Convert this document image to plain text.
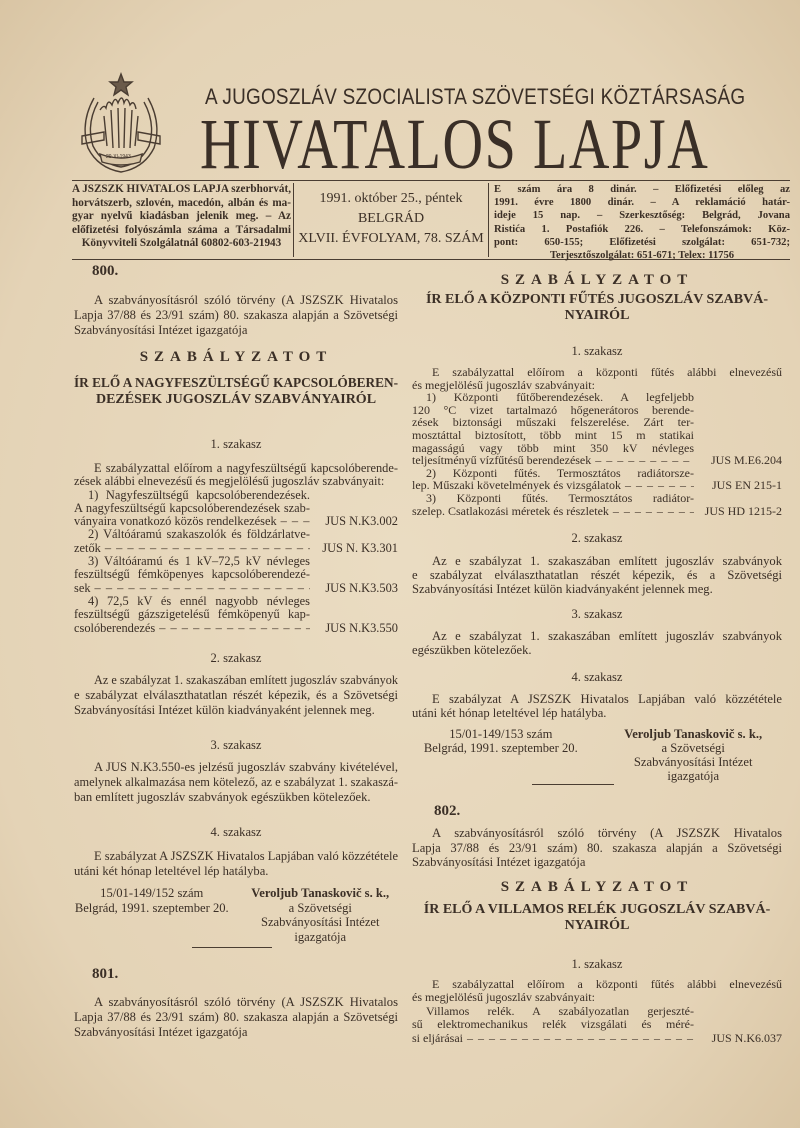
29-XI-1943
A JUGOSZLÁV SZOCIALISTA SZÖVETSÉGI KÖZTÁRSASÁG
HIVATALOS LAPJA
A JSZSZK HIVATALOS LAPJA szerbhorvát,
horvátszerb, szlovén, macedón, albán és ma-
gyar nyelvű kiadásban jelenik meg. – Az
előfizetési folyószámla száma a Társadalmi
Könyvviteli Szolgálatnál 60802-603-21943
1991. október 25., péntek
BELGRÁD
XLVII. ÉVFOLYAM, 78. SZÁM
E szám ára 8 dinár. – Előfizetési előleg az
1991. évre 1800 dinár. – A reklamáció határ-
ideje 15 nap. – Szerkesztőség: Belgrád, Jovana
Ristića 1. Postafiók 226. – Telefonszámok: Köz-
pont: 650-155; Előfizetési szolgálat: 651-732;
Terjesztőszolgálat: 651-671; Telex: 11756
800.
A szabványosításról szóló törvény (A JSZSZK Hivatalos
Lapja 37/88 és 23/91 szám) 80. szakasza alapján a Szövetségi
Szabványosítási Intézet igazgatója
SZABÁLYZATOT
ÍR ELŐ A NAGYFESZÜLTSÉGŰ KAPCSOLÓBEREN-
DEZÉSEK JUGOSZLÁV SZABVÁNYAIRÓL
1. szakasz
E szabályzattal előírom a nagyfeszültségű kapcsolóberende-
zések alábbi elnevezésű és megjelölésű jugoszláv szabványait:
1) Nagyfeszültségű kapcsolóberendezések.
A nagyfeszültségű kapcsolóberendezések szab-
ványaira vonatkozó közös rendelkezések – – –	JUS N.K3.002
2) Váltóáramú szakaszolók és földzárlatve-
zetők – – –	JUS N. K3.301
3) Váltóáramú és 1 kV–72,5 kV névleges
feszültségű fémköpenyes kapcsolóberendezé-
sek – – –	JUS N.K3.503
4) 72,5 kV és ennél nagyobb névleges
feszültségű gázszigetelésű fémköpenyű kap-
csolóberendezés – – –	JUS N.K3.550
2. szakasz
Az e szabályzat 1. szakaszában említett jugoszláv szabványok
e szabályzat elválaszthatatlan részét képezik, és a Szövetségi
Szabványosítási Intézet külön kiadványaként jelennek meg.
3. szakasz
A JUS N.K3.550-es jelzésű jugoszláv szabvány kivételével,
amelynek alkalmazása nem kötelező, az e szabályzat 1. szakaszá-
ban említett jugoszláv szabványok egészükben kötelezőek.
4. szakasz
E szabályzat A JSZSZK Hivatalos Lapjában való közzététele
utáni két hónap leteltével lép hatályba.
15/01-149/152 szám
Belgrád, 1991. szeptember 20.
Veroljub Tanaskovič s. k.,
a Szövetségi
Szabványosítási Intézet
igazgatója
801.
A szabványosításról szóló törvény (A JSZSZK Hivatalos
Lapja 37/88 és 23/91 szám) 80. szakasza alapján a Szövetségi
Szabványosítási Intézet igazgatója
SZABÁLYZATOT
ÍR ELŐ A KÖZPONTI FŰTÉS JUGOSZLÁV SZABVÁ-
NYAIRÓL
1. szakasz
E szabályzattal előírom a központi fűtés alábbi elnevezésű
és megjelölésű jugoszláv szabványait:
1) Központi fűtőberendezések. A legfeljebb
120 °C vizet tartalmazó hőgenerátoros berende-
zések biztonsági műszaki felszerelése. Zárt ter-
mosztáttal biztosított, több mint 15 m statikai
magasságú vagy több mint 350 kV névleges
teljesítményű vízfűtésű berendezések – – –	JUS M.E6.204
2) Központi fűtés. Termosztátos radiátorsze-
lep. Műszaki követelmények és vizsgálatok – – –	JUS EN 215-1
3) Központi fűtés. Termosztátos radiátor-
szelep. Csatlakozási méretek és részletek – – –	JUS HD 1215-2
2. szakasz
Az e szabályzat 1. szakaszában említett jugoszláv szabványok
e szabályzat elválaszthatatlan részét képezik, és a Szövetségi
Szabványosítási Intézet külön kiadványaként jelennek meg.
3. szakasz
Az e szabályzat 1. szakaszában említett jugoszláv szabványok
egészükben kötelezőek.
4. szakasz
E szabályzat A JSZSZK Hivatalos Lapjában való közzététele
utáni két hónap leteltével lép hatályba.
15/01-149/153 szám
Belgrád, 1991. szeptember 20.
Veroljub Tanaskovič s. k.,
a Szövetségi
Szabványosítási Intézet
igazgatója
802.
A szabványosításról szóló törvény (A JSZSZK Hivatalos
Lapja 37/88 és 23/91 szám) 80. szakasza alapján a Szövetségi
Szabványosítási Intézet igazgatója
SZABÁLYZATOT
ÍR ELŐ A VILLAMOS RELÉK JUGOSZLÁV SZABVÁ-
NYAIRÓL
1. szakasz
E szabályzattal előírom a központi fűtés alábbi elnevezésű
és megjelölésű jugoszláv szabványait:
Villamos relék. A szabályozatlan gerjeszté-
sű elektromechanikus relék vizsgálati és méré-
si eljárásai – – –	JUS N.K6.037
